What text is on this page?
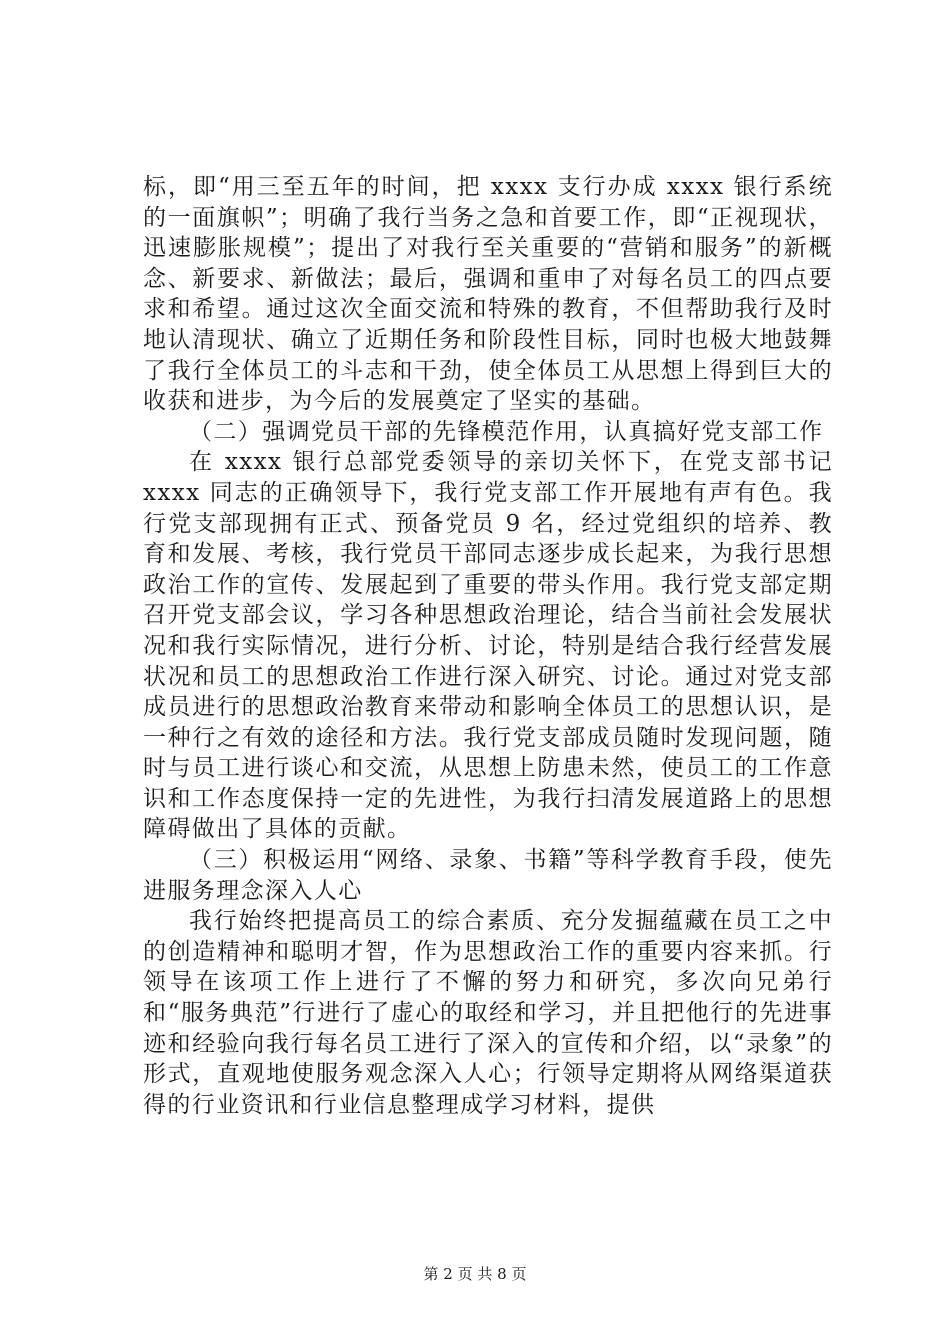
标，即“用三至五年的时间，把 xxxx 支行办成 xxxx 银行系统的一面旗帜”；明确了我行当务之急和首要工作，即“正视现状，迅速膨胀规模”；提出了对我行至关重要的“营销和服务”的新概念、新要求、新做法；最后，强调和重申了对每名员工的四点要求和希望。通过这次全面交流和特殊的教育，不但帮助我行及时地认清现状、确立了近期任务和阶段性目标，同时也极大地鼓舞了我行全体员工的斗志和干劲，使全体员工从思想上得到巨大的收获和进步，为今后的发展奠定了坚实的基础。

（二）强调党员干部的先锋模范作用，认真搞好党支部工作

在 xxxx 银行总部党委领导的亲切关怀下，在党支部书记 xxxx 同志的正确领导下，我行党支部工作开展地有声有色。我行党支部现拥有正式、预备党员 9 名，经过党组织的培养、教育和发展、考核，我行党员干部同志逐步成长起来，为我行思想政治工作的宣传、发展起到了重要的带头作用。我行党支部定期召开党支部会议，学习各种思想政治理论，结合当前社会发展状况和我行实际情况，进行分析、讨论，特别是结合我行经营发展状况和员工的思想政治工作进行深入研究、讨论。通过对党支部成员进行的思想政治教育来带动和影响全体员工的思想认识，是一种行之有效的途径和方法。我行党支部成员随时发现问题，随时与员工进行谈心和交流，从思想上防患未然，使员工的工作意识和工作态度保持一定的先进性，为我行扫清发展道路上的思想障碍做出了具体的贡献。

（三）积极运用“网络、录象、书籍”等科学教育手段，使先进服务理念深入人心

我行始终把提高员工的综合素质、充分发掘蕴藏在员工之中的创造精神和聪明才智，作为思想政治工作的重要内容来抓。行领导在该项工作上进行了不懈的努力和研究，多次向兄弟行和“服务典范”行进行了虚心的取经和学习，并且把他行的先进事迹和经验向我行每名员工进行了深入的宣传和介绍，以“录象”的形式，直观地使服务观念深入人心；行领导定期将从网络渠道获得的行业资讯和行业信息整理成学习材料，提供

第 2 页 共 8 页
